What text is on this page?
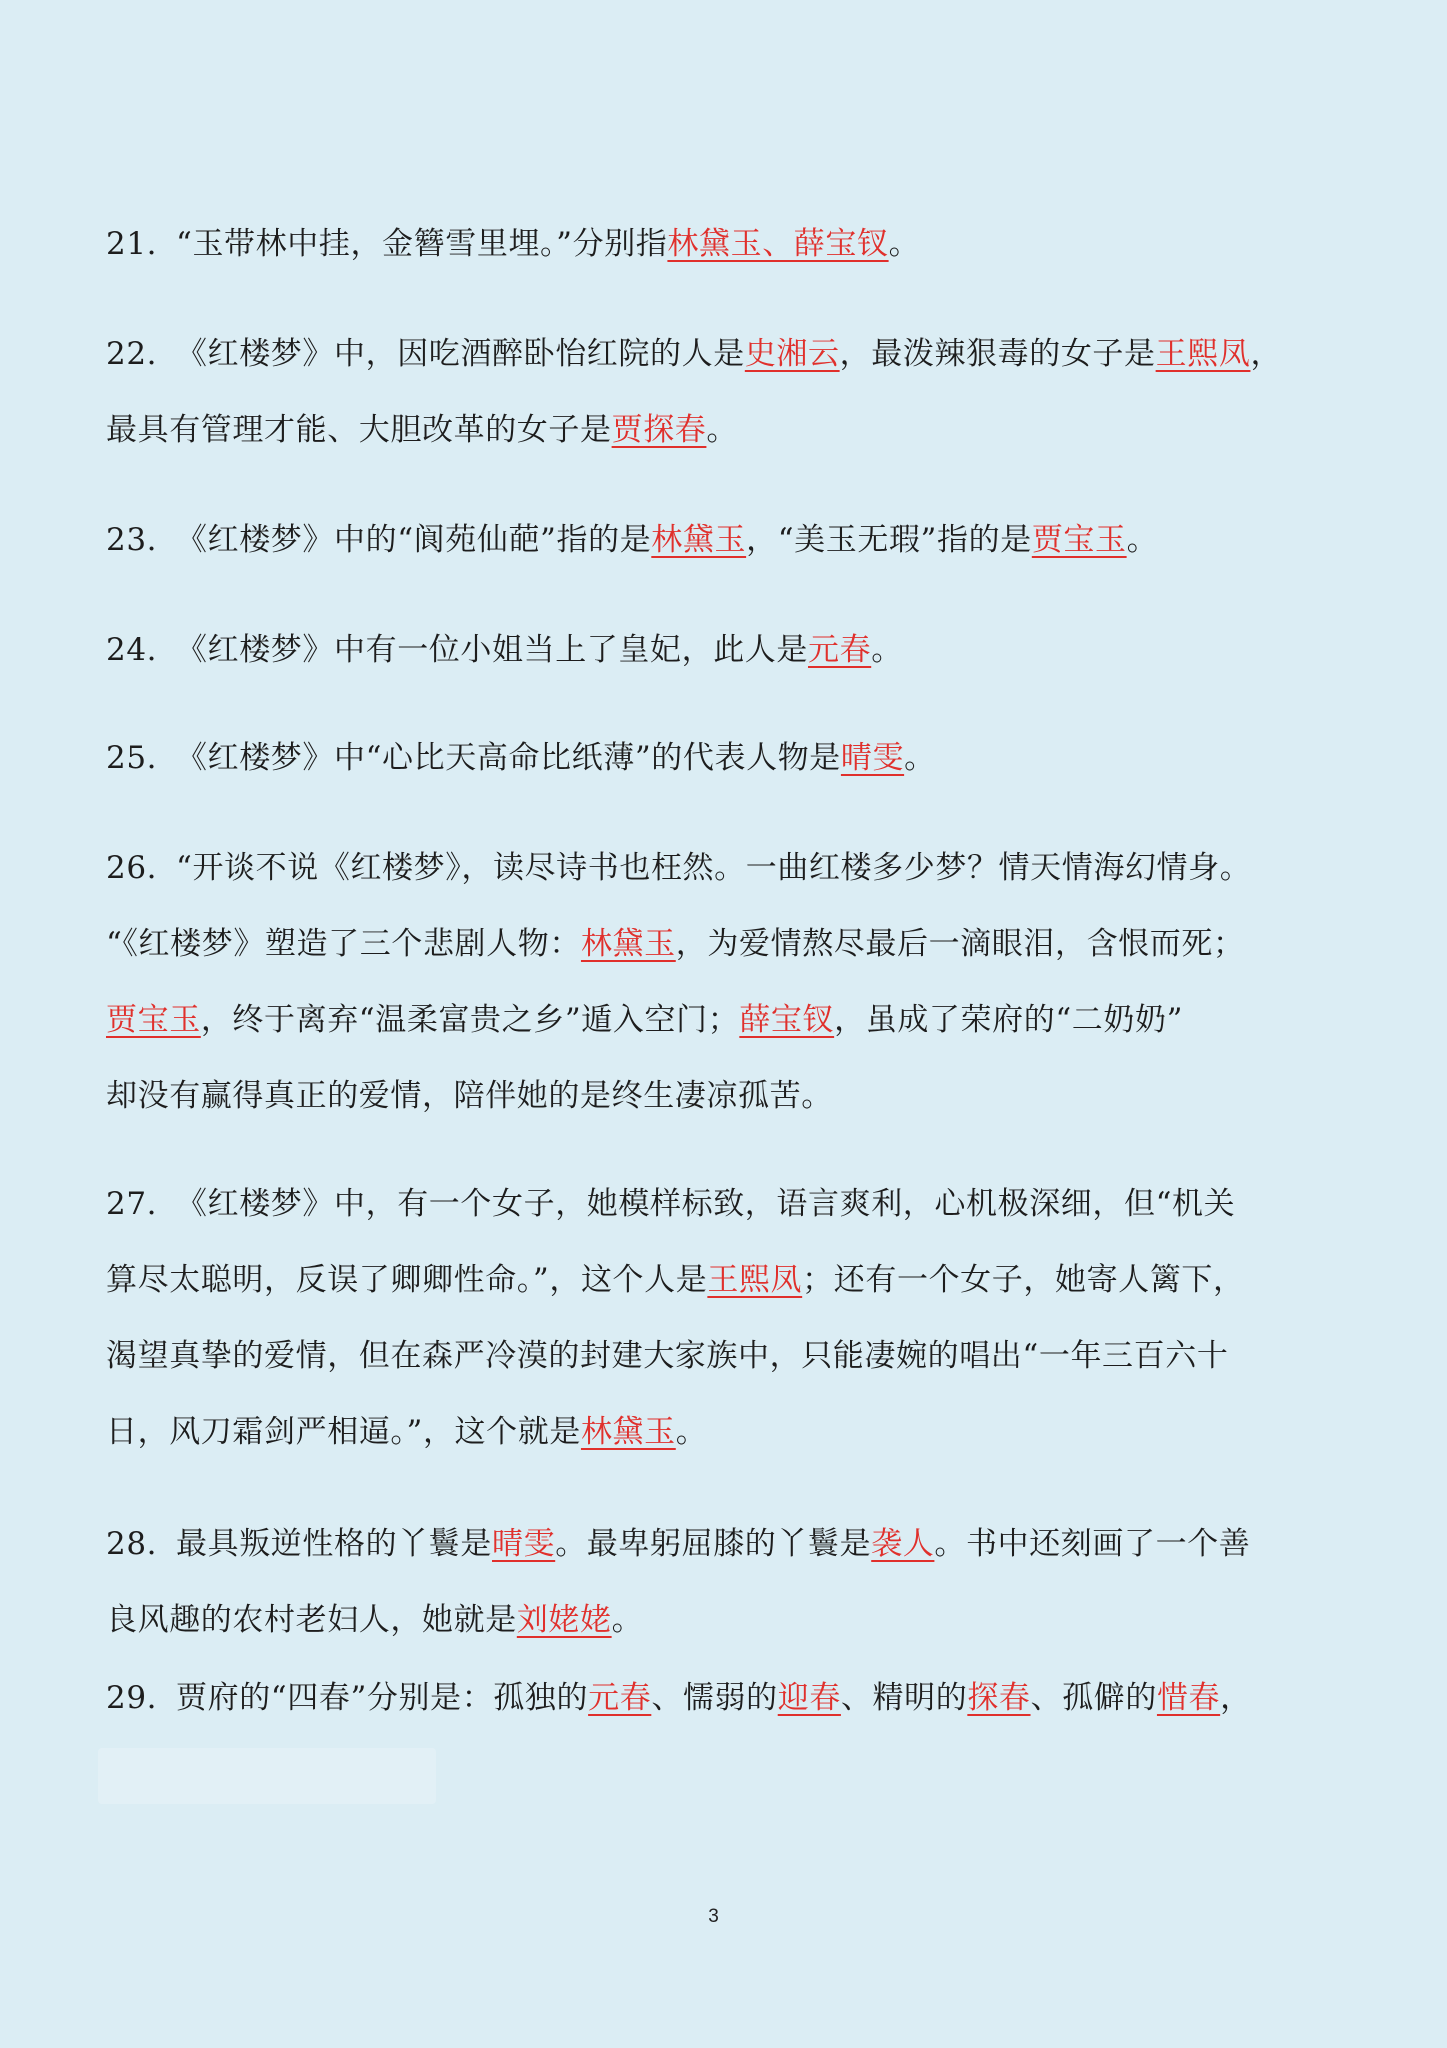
21. “玉带林中挂，金簪雪里埋。”分别指林黛玉、薛宝钗。
22. 《红楼梦》中，因吃酒醉卧怡红院的人是史湘云，最泼辣狠毒的女子是王熙凤，
最具有管理才能、大胆改革的女子是贾探春。
23. 《红楼梦》中的“阆苑仙葩”指的是林黛玉，“美玉无瑕”指的是贾宝玉。
24. 《红楼梦》中有一位小姐当上了皇妃，此人是元春。
25. 《红楼梦》中“心比天高命比纸薄”的代表人物是晴雯。
26. “开谈不说《红楼梦》，读尽诗书也枉然。一曲红楼多少梦？情天情海幻情身。
“《红楼梦》塑造了三个悲剧人物：林黛玉，为爱情熬尽最后一滴眼泪，含恨而死；
贾宝玉，终于离弃“温柔富贵之乡”遁入空门；薛宝钗，虽成了荣府的“二奶奶”
却没有赢得真正的爱情，陪伴她的是终生凄凉孤苦。
27. 《红楼梦》中，有一个女子，她模样标致，语言爽利，心机极深细，但“机关
算尽太聪明，反误了卿卿性命。”，这个人是王熙凤；还有一个女子，她寄人篱下，
渴望真挚的爱情，但在森严冷漠的封建大家族中，只能凄婉的唱出“一年三百六十
日，风刀霜剑严相逼。”，这个就是林黛玉。
28. 最具叛逆性格的丫鬟是晴雯。最卑躬屈膝的丫鬟是袭人。书中还刻画了一个善
良风趣的农村老妇人，她就是刘姥姥。
29. 贾府的“四春”分别是：孤独的元春、懦弱的迎春、精明的探春、孤僻的惜春，
3
